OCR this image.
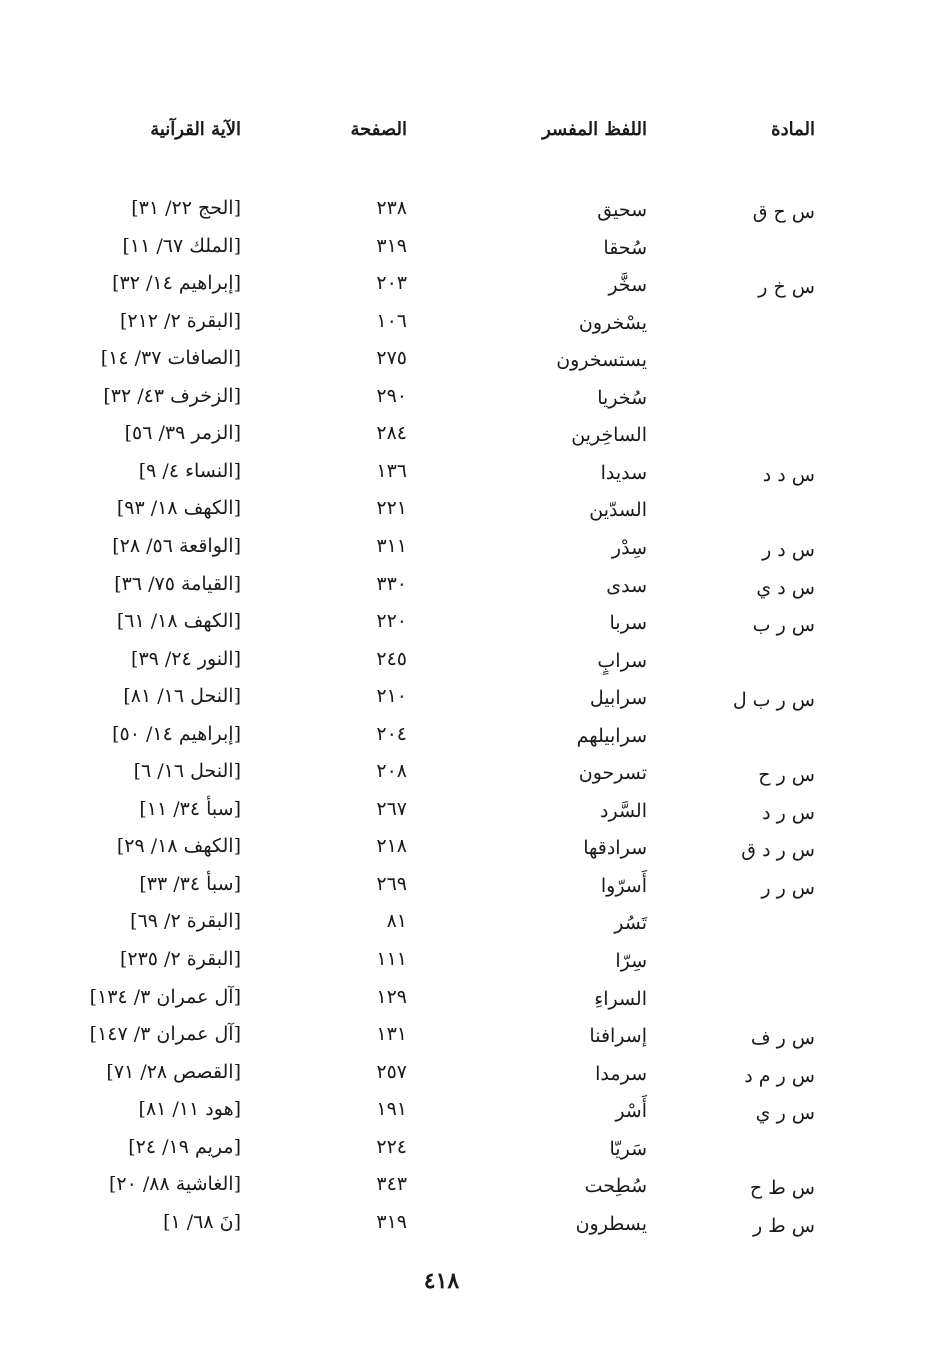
المادة
اللفظ المفسر
الصفحة
الآية القرآنية
س ح ق
سحيق
٢٣٨
[الحج ٢٢/ ٣١]
سُحقا
٣١٩
[الملك ٦٧/ ١١]
س خ ر
سخَّر
٢٠٣
[إبراهيم ١٤/ ٣٢]
يسْخرون
١٠٦
[البقرة ٢/ ٢١٢]
يستسخرون
٢٧٥
[الصافات ٣٧/ ١٤]
سُخريا
٢٩٠
[الزخرف ٤٣/ ٣٢]
الساخِرين
٢٨٤
[الزمر ٣٩/ ٥٦]
س د د
سديدا
١٣٦
[النساء ٤/ ٩]
السدّين
٢٢١
[الكهف ١٨/ ٩٣]
س د ر
سِدْر
٣١١
[الواقعة ٥٦/ ٢٨]
س د ي
سدى
٣٣٠
[القيامة ٧٥/ ٣٦]
س ر ب
سربا
٢٢٠
[الكهف ١٨/ ٦١]
سرابٍ
٢٤٥
[النور ٢٤/ ٣٩]
س ر ب ل
سرابيل
٢١٠
[النحل ١٦/ ٨١]
سرابيلهم
٢٠٤
[إبراهيم ١٤/ ٥٠]
س ر ح
تسرحون
٢٠٨
[النحل ١٦/ ٦]
س ر د
السَّرد
٢٦٧
[سبأ ٣٤/ ١١]
س ر د ق
سرادقها
٢١٨
[الكهف ١٨/ ٢٩]
س ر ر
أَسرّوا
٢٦٩
[سبأ ٣٤/ ٣٣]
تَسُر
٨١
[البقرة ٢/ ٦٩]
سِرّا
١١١
[البقرة ٢/ ٢٣٥]
السراءِ
١٢٩
[آل عمران ٣/ ١٣٤]
س ر ف
إسرافنا
١٣١
[آل عمران ٣/ ١٤٧]
س ر م د
سرمدا
٢٥٧
[القصص ٢٨/ ٧١]
س ر ي
أَسْر
١٩١
[هود ١١/ ٨١]
سَريّا
٢٢٤
[مريم ١٩/ ٢٤]
س ط ح
سُطِحت
٣٤٣
[الغاشية ٨٨/ ٢٠]
س ط ر
يسطرون
٣١٩
[نَ ٦٨/ ١]
٤١٨
